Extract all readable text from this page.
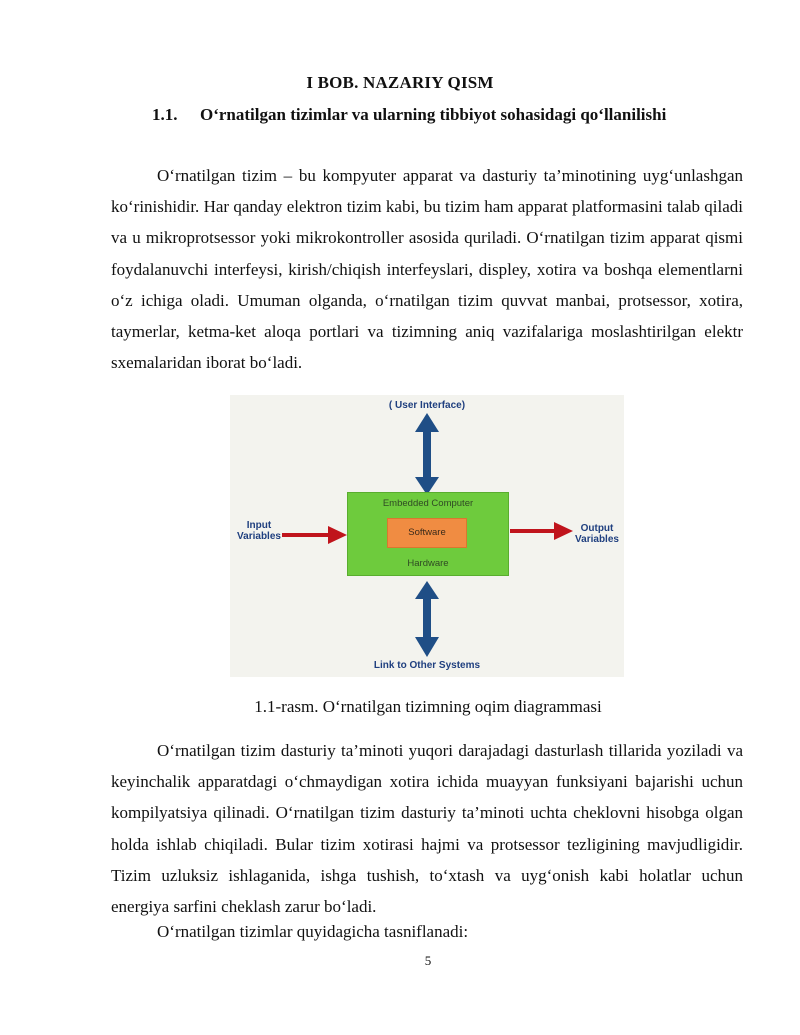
I BOB. NAZARIY QISM
1.1. O‘rnatilgan tizimlar va ularning tibbiyot sohasidagi qo‘llanilishi

O‘rnatilgan tizim – bu kompyuter apparat va dasturiy ta’minotining uyg‘unlashgan ko‘rinishidir. Har qanday elektron tizim kabi, bu tizim ham apparat platformasini talab qiladi va u mikroprotsessor yoki mikrokontroller asosida quriladi. O‘rnatilgan tizim apparat qismi foydalanuvchi interfeysi, kirish/chiqish interfeyslari, displey, xotira va boshqa elementlarni o‘z ichiga oladi. Umuman olganda, o‘rnatilgan tizim quvvat manbai, protsessor, xotira, taymerlar, ketma-ket aloqa portlari va tizimning aniq vazifalariga moslashtirilgan elektr sxemalaridan iborat bo‘ladi.

( User Interface)
Embedded Computer
Software
Hardware
Input
Variables
Output
Variables
Link to Other Systems
1.1-rasm. O‘rnatilgan tizimning oqim diagrammasi

O‘rnatilgan tizim dasturiy ta’minoti yuqori darajadagi dasturlash tillarida yoziladi va keyinchalik apparatdagi o‘chmaydigan xotira ichida muayyan funksiyani bajarishi uchun kompilyatsiya qilinadi. O‘rnatilgan tizim dasturiy ta’minoti uchta cheklovni hisobga olgan holda ishlab chiqiladi. Bular tizim xotirasi hajmi va protsessor tezligining mavjudligidir. Tizim uzluksiz ishlaganida, ishga tushish, to‘xtash va uyg‘onish kabi holatlar uchun energiya sarfini cheklash zarur bo‘ladi.

O‘rnatilgan tizimlar quyidagicha tasniflanadi:
5
